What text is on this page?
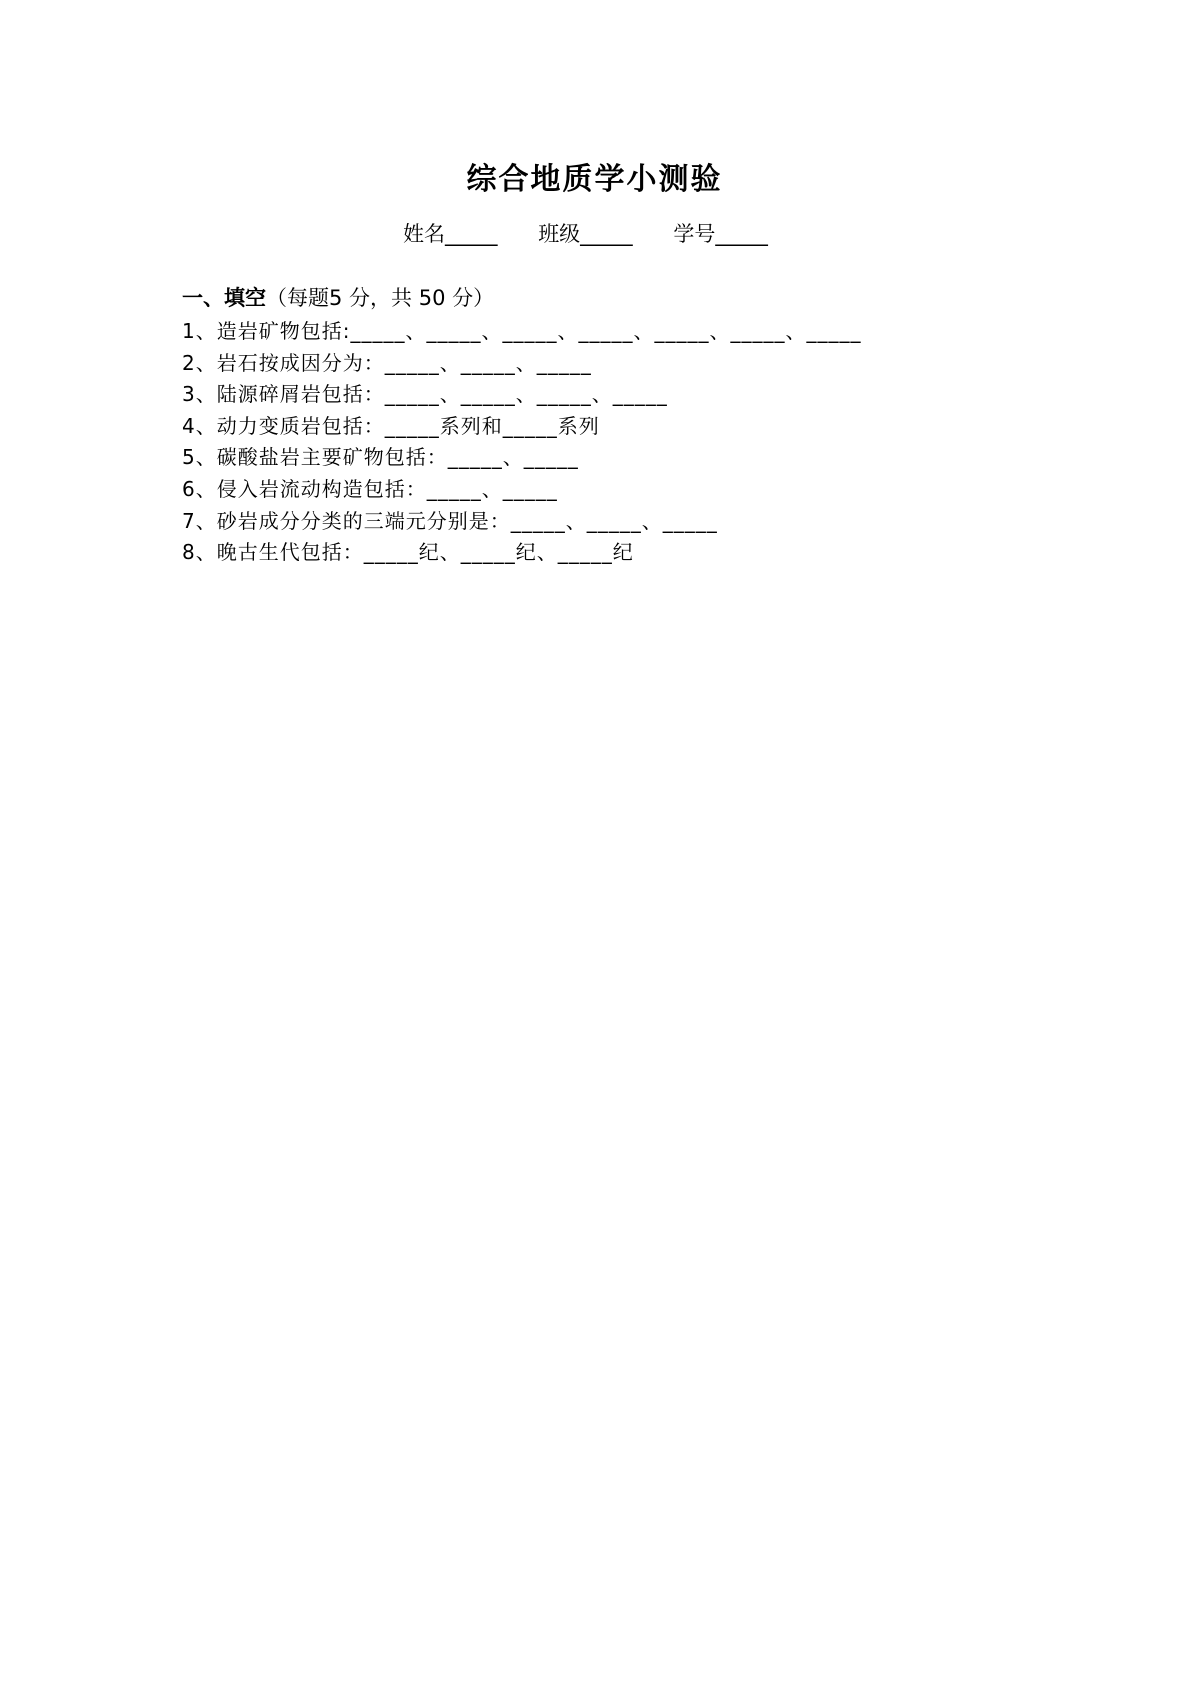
综合地质学小测验
姓名_____ 班级_____ 学号_____
一、填空（每题5 分，共 50 分）
1、造岩矿物包括:_____、_____、_____、_____、_____、_____、_____
2、岩石按成因分为：_____、_____、_____
3、陆源碎屑岩包括：_____、_____、_____、_____
4、动力变质岩包括：_____系列和_____系列
5、碳酸盐岩主要矿物包括：_____、_____
6、侵入岩流动构造包括：_____、_____
7、砂岩成分分类的三端元分别是：_____、_____、_____
8、晚古生代包括：_____纪、_____纪、_____纪
